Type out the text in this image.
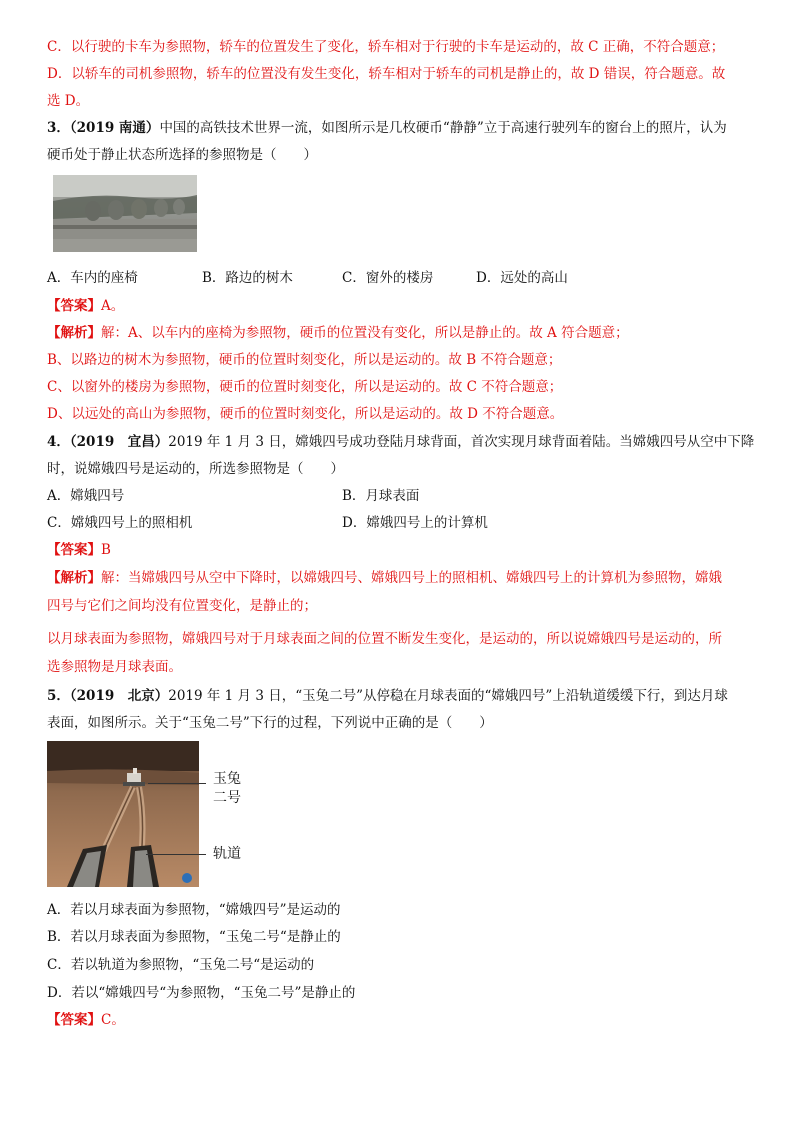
C．以行驶的卡车为参照物，轿车的位置发生了变化，轿车相对于行驶的卡车是运动的，故 C 正确，不符合题意；
D．以轿车的司机参照物，轿车的位置没有发生变化，轿车相对于轿车的司机是静止的，故 D 错误，符合题意。故
选 D。
3．（2019 南通）中国的高铁技术世界一流，如图所示是几枚硬币“静静”立于高速行驶列车的窗台上的照片，认为
硬币处于静止状态所选择的参照物是（　　）
A．车内的座椅	B．路边的树木	C．窗外的楼房	D．远处的高山
【答案】A。
【解析】解：A、以车内的座椅为参照物，硬币的位置没有变化，所以是静止的。故 A 符合题意；
B、以路边的树木为参照物，硬币的位置时刻变化，所以是运动的。故 B 不符合题意；
C、以窗外的楼房为参照物，硬币的位置时刻变化，所以是运动的。故 C 不符合题意；
D、以远处的高山为参照物，硬币的位置时刻变化，所以是运动的。故 D 不符合题意。
4．（2019　宜昌）2019 年 1 月 3 日，嫦娥四号成功登陆月球背面，首次实现月球背面着陆。当嫦娥四号从空中下降
时，说嫦娥四号是运动的，所选参照物是（　　）
A．嫦娥四号	B．月球表面
C．嫦娥四号上的照相机	D．嫦娥四号上的计算机
【答案】B
【解析】解：当嫦娥四号从空中下降时，以嫦娥四号、嫦娥四号上的照相机、嫦娥四号上的计算机为参照物，嫦娥
四号与它们之间均没有位置变化，是静止的；
以月球表面为参照物，嫦娥四号对于月球表面之间的位置不断发生变化，是运动的，所以说嫦娥四号是运动的，所
选参照物是月球表面。
5．（2019　北京）2019 年 1 月 3 日，“玉兔二号”从停稳在月球表面的“嫦娥四号”上沿轨道缓缓下行，到达月球
表面，如图所示。关于“玉兔二号”下行的过程，下列说中正确的是（　　）
玉兔
二号
轨道
A．若以月球表面为参照物，“嫦娥四号”是运动的
B．若以月球表面为参照物，“玉兔二号“是静止的
C．若以轨道为参照物，“玉兔二号“是运动的
D．若以“嫦娥四号“为参照物，“玉兔二号”是静止的
【答案】C。
